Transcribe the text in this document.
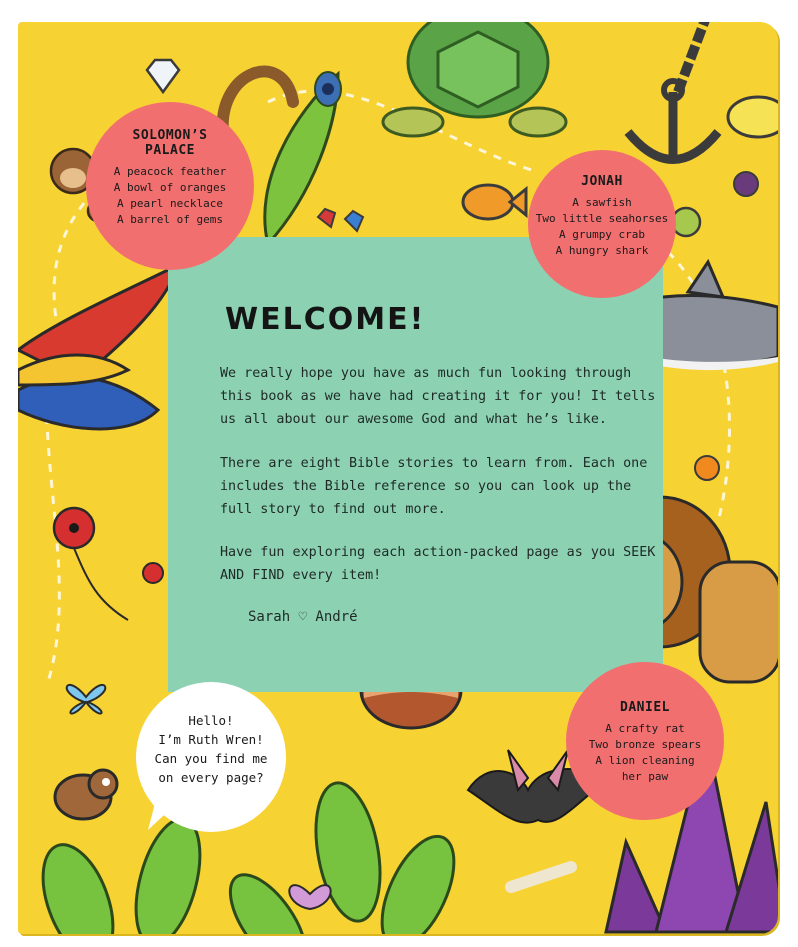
WELCOME!
We really hope you have as much fun looking through this book as we have had creating it for you! It tells us all about our awesome God and what he’s like.
There are eight Bible stories to learn from. Each one includes the Bible reference so you can look up the full story to find out more.
Have fun exploring each action-packed page as you SEEK AND FIND every item!
Sarah ♡ André
SOLOMON’S PALACE
A peacock feather
A bowl of oranges
A pearl necklace
A barrel of gems
JONAH
A sawfish
Two little seahorses
A grumpy crab
A hungry shark
DANIEL
A crafty rat
Two bronze spears
A lion cleaning
her paw
Hello!
I’m Ruth Wren!
Can you find me
on every page?
